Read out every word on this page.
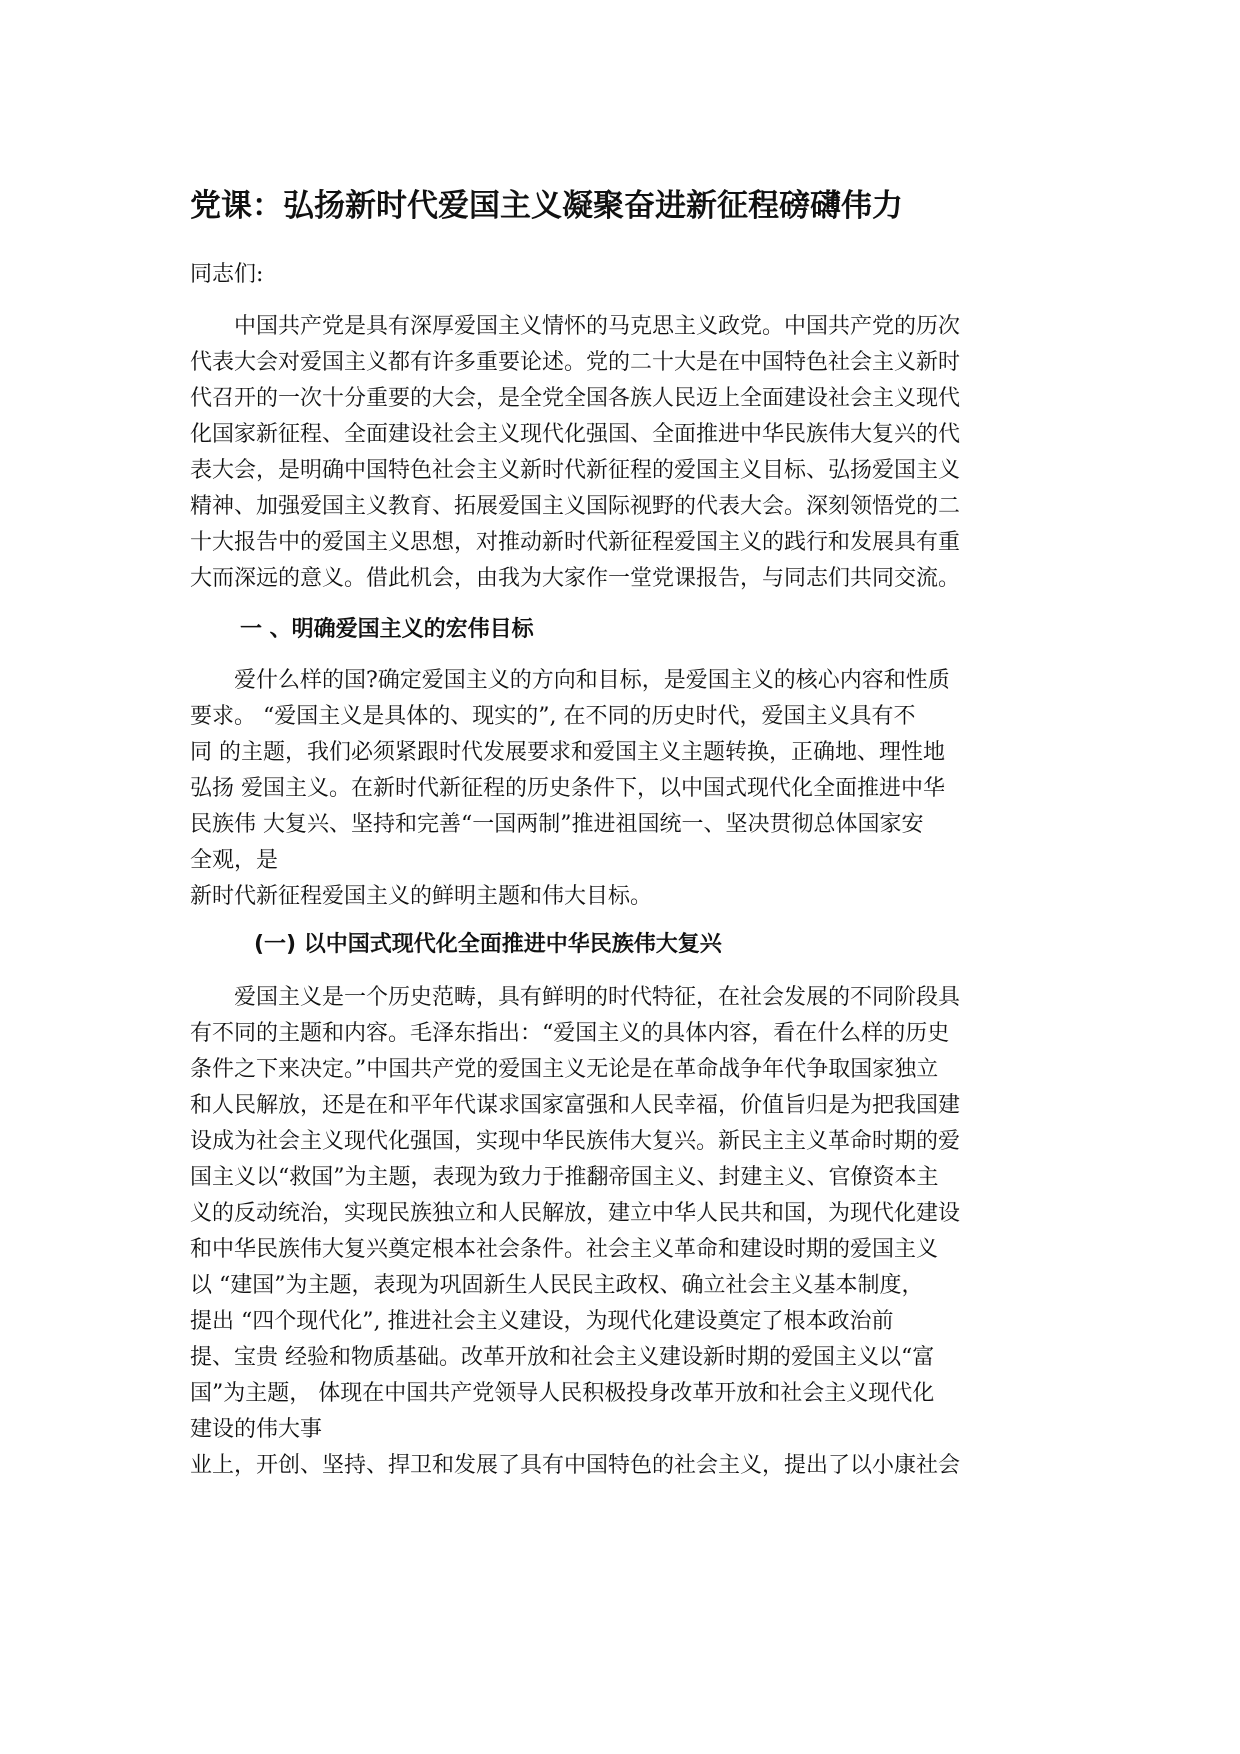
党课：弘扬新时代爱国主义凝聚奋进新征程磅礴伟力

同志们:

中国共产党是具有深厚爱国主义情怀的马克思主义政党。中国共产党的历次
代表大会对爱国主义都有许多重要论述。党的二十大是在中国特色社会主义新时
代召开的一次十分重要的大会，是全党全国各族人民迈上全面建设社会主义现代
化国家新征程、全面建设社会主义现代化强国、全面推进中华民族伟大复兴的代
表大会，是明确中国特色社会主义新时代新征程的爱国主义目标、弘扬爱国主义
精神、加强爱国主义教育、拓展爱国主义国际视野的代表大会。深刻领悟党的二
十大报告中的爱国主义思想，对推动新时代新征程爱国主义的践行和发展具有重
大而深远的意义。借此机会，由我为大家作一堂党课报告，与同志们共同交流。

一 、明确爱国主义的宏伟目标

爱什么样的国?确定爱国主义的方向和目标，是爱国主义的核心内容和性质
要求。 “爱国主义是具体的、现实的”, 在不同的历史时代，爱国主义具有不
同 的主题，我们必须紧跟时代发展要求和爱国主义主题转换，正确地、理性地
弘扬 爱国主义。在新时代新征程的历史条件下，以中国式现代化全面推进中华
民族伟 大复兴、坚持和完善“一国两制”推进祖国统一、坚决贯彻总体国家安
全观，是
新时代新征程爱国主义的鲜明主题和伟大目标。

(一) 以中国式现代化全面推进中华民族伟大复兴

爱国主义是一个历史范畴，具有鲜明的时代特征，在社会发展的不同阶段具
有不同的主题和内容。毛泽东指出：“爱国主义的具体内容，看在什么样的历史
条件之下来决定。”中国共产党的爱国主义无论是在革命战争年代争取国家独立
和人民解放，还是在和平年代谋求国家富强和人民幸福，价值旨归是为把我国建
设成为社会主义现代化强国，实现中华民族伟大复兴。新民主主义革命时期的爱
国主义以“救国”为主题，表现为致力于推翻帝国主义、封建主义、官僚资本主
义的反动统治，实现民族独立和人民解放，建立中华人民共和国，为现代化建设
和中华民族伟大复兴奠定根本社会条件。社会主义革命和建设时期的爱国主义
以 “建国”为主题，表现为巩固新生人民民主政权、确立社会主义基本制度，
提出 “四个现代化”, 推进社会主义建设，为现代化建设奠定了根本政治前
提、宝贵 经验和物质基础。改革开放和社会主义建设新时期的爱国主义以“富
国”为主题， 体现在中国共产党领导人民积极投身改革开放和社会主义现代化
建设的伟大事
业上，开创、坚持、捍卫和发展了具有中国特色的社会主义，提出了以小康社会
